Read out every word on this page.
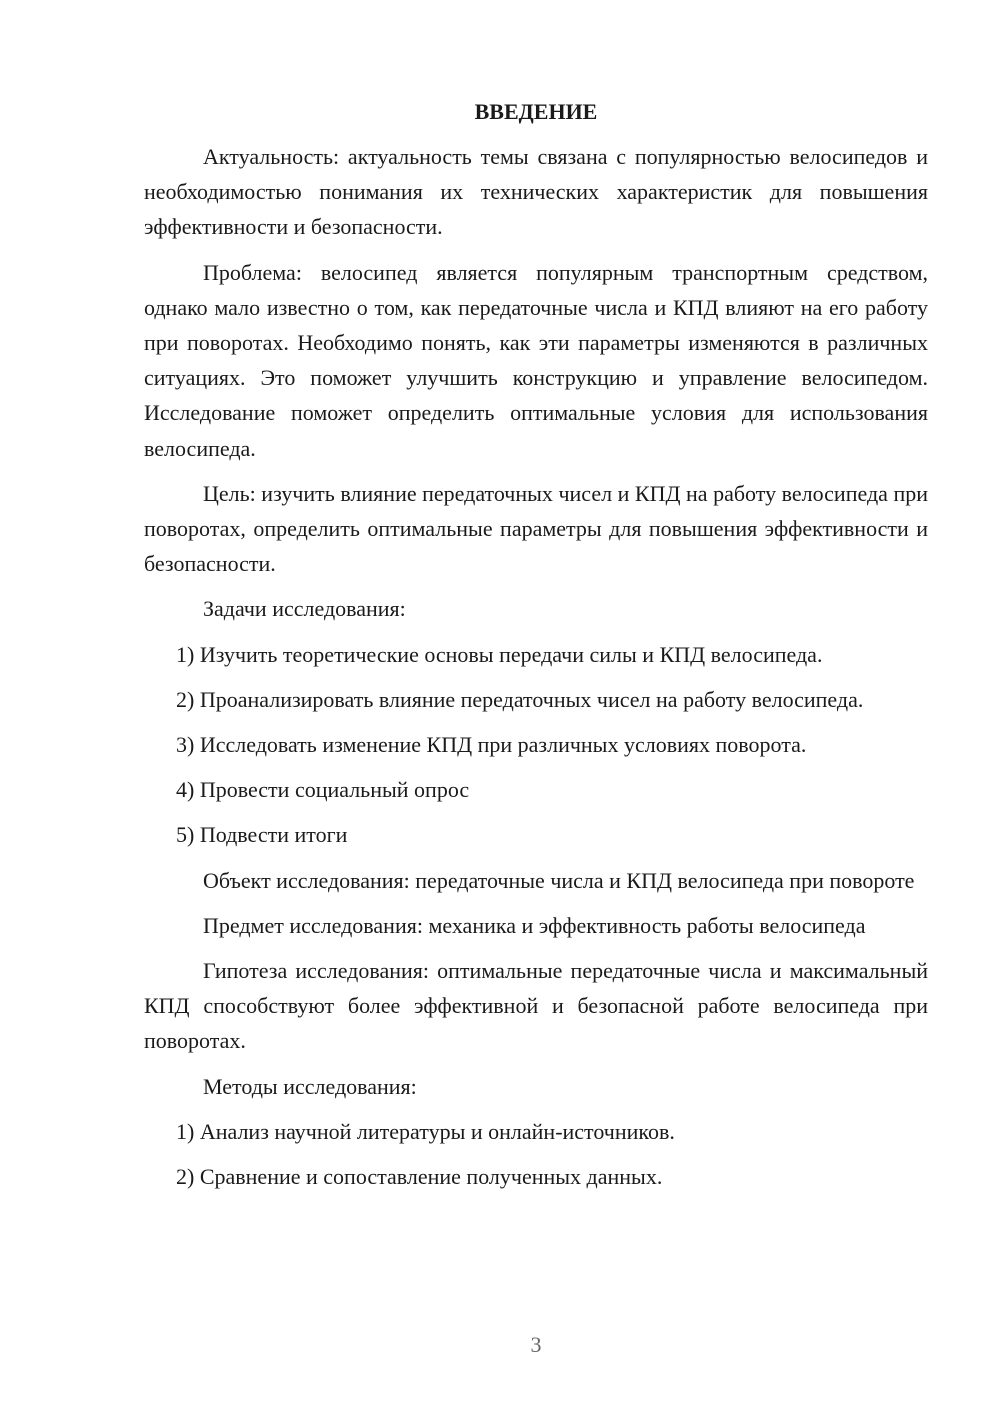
ВВЕДЕНИЕ

Актуальность: актуальность темы связана с популярностью велосипедов и необходимостью понимания их технических характеристик для повышения эффективности и безопасности.

Проблема: велосипед является популярным транспортным средством, однако мало известно о том, как передаточные числа и КПД влияют на его работу при поворотах. Необходимо понять, как эти параметры изменяются в различных ситуациях. Это поможет улучшить конструкцию и управление велосипедом. Исследование поможет определить оптимальные условия для использования велосипеда.

Цель: изучить влияние передаточных чисел и КПД на работу велосипеда при поворотах, определить оптимальные параметры для повышения эффективности и безопасности.

Задачи исследования:

1) Изучить теоретические основы передачи силы и КПД велосипеда.

2) Проанализировать влияние передаточных чисел на работу велосипеда.

3) Исследовать изменение КПД при различных условиях поворота.

4) Провести социальный опрос

5) Подвести итоги

Объект исследования: передаточные числа и КПД велосипеда при повороте

Предмет исследования: механика и эффективность работы велосипеда

Гипотеза исследования: оптимальные передаточные числа и максимальный КПД способствуют более эффективной и безопасной работе велосипеда при поворотах.

Методы исследования:

1) Анализ научной литературы и онлайн-источников.

2) Сравнение и сопоставление полученных данных.

3
